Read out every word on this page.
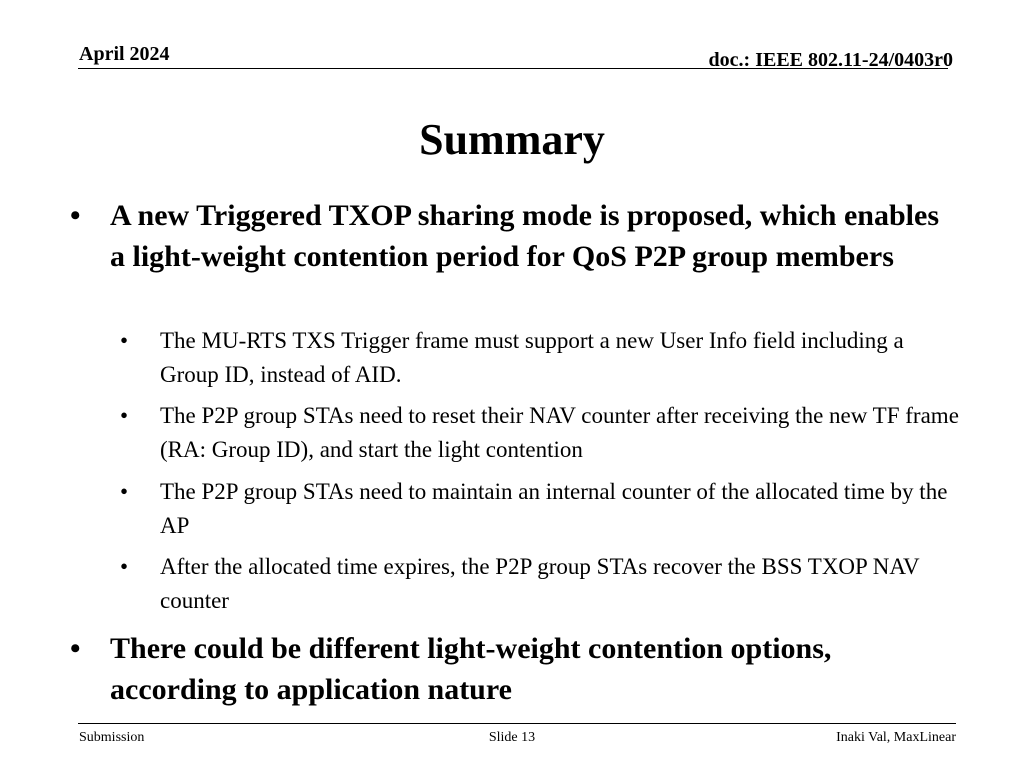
April 2024	doc.: IEEE 802.11-24/0403r0
Summary
• A new Triggered TXOP sharing mode is proposed, which enables a light-weight contention period for QoS P2P group members
• The MU-RTS TXS Trigger frame must support a new User Info field including a Group ID, instead of AID.
• The P2P group STAs need to reset their NAV counter after receiving the new TF frame (RA: Group ID), and start the light contention
• The P2P group STAs need to maintain an internal counter of the allocated time by the AP
• After the allocated time expires, the P2P group STAs recover the BSS TXOP NAV counter
• There could be different light-weight contention options, according to application nature
Submission	Slide 13	Inaki Val, MaxLinear
